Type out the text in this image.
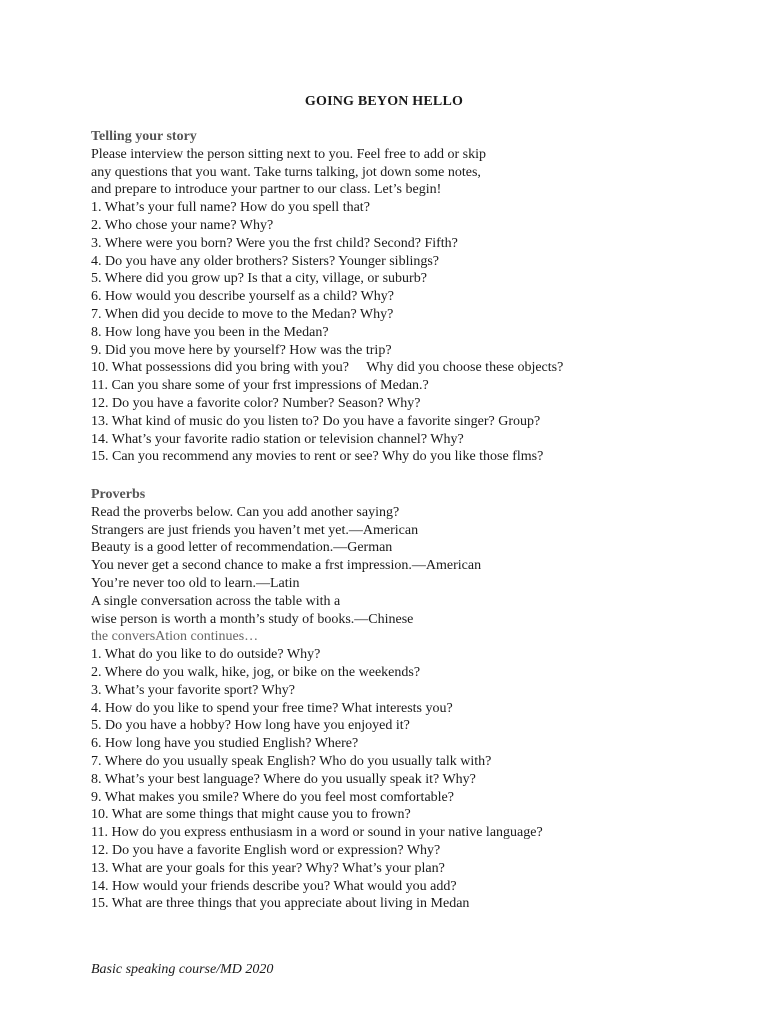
GOING BEYON HELLO
Telling your story
Please interview the person sitting next to you. Feel free to add or skip
any questions that you want. Take turns talking, jot down some notes,
and prepare to introduce your partner to our class. Let’s begin!
1. What’s your full name? How do you spell that?
2. Who chose your name? Why?
3. Where were you born? Were you the frst child? Second? Fifth?
4. Do you have any older brothers? Sisters? Younger siblings?
5. Where did you grow up? Is that a city, village, or suburb?
6. How would you describe yourself as a child? Why?
7. When did you decide to move to the Medan? Why?
8. How long have you been in the Medan?
9. Did you move here by yourself? How was the trip?
10. What possessions did you bring with you?     Why did you choose these objects?
11. Can you share some of your frst impressions of Medan.?
12. Do you have a favorite color? Number? Season? Why?
13. What kind of music do you listen to? Do you have a favorite singer? Group?
14. What’s your favorite radio station or television channel? Why?
15. Can you recommend any movies to rent or see? Why do you like those flms?
Proverbs
Read the proverbs below. Can you add another saying?
Strangers are just friends you haven’t met yet.—American
Beauty is a good letter of recommendation.—German
You never get a second chance to make a frst impression.—American
You’re never too old to learn.—Latin
A single conversation across the table with a
wise person is worth a month’s study of books.—Chinese
the conversAtion continues…
1. What do you like to do outside? Why?
2. Where do you walk, hike, jog, or bike on the weekends?
3. What’s your favorite sport? Why?
4. How do you like to spend your free time? What interests you?
5. Do you have a hobby? How long have you enjoyed it?
6. How long have you studied English? Where?
7. Where do you usually speak English? Who do you usually talk with?
8. What’s your best language? Where do you usually speak it? Why?
9. What makes you smile? Where do you feel most comfortable?
10. What are some things that might cause you to frown?
11. How do you express enthusiasm in a word or sound in your native language?
12. Do you have a favorite English word or expression? Why?
13. What are your goals for this year? Why? What’s your plan?
14. How would your friends describe you? What would you add?
15. What are three things that you appreciate about living in Medan
Basic speaking course/MD 2020
